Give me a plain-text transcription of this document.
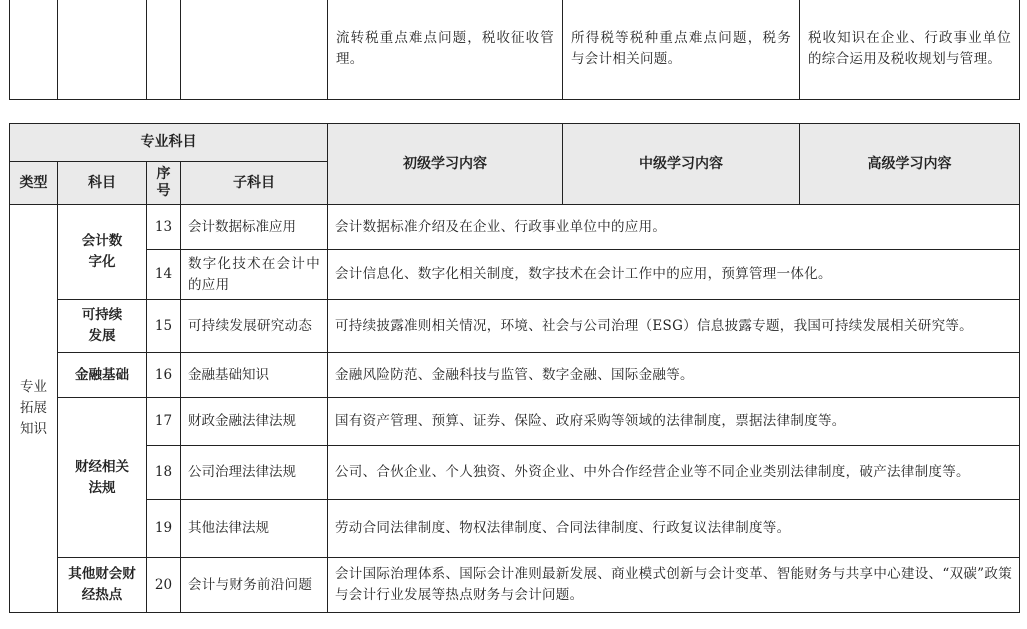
				流转税重点难点问题，税收征收管理。	所得税等税种重点难点问题，税务与会计相关问题。	税收知识在企业、行政事业单位的综合运用及税收规划与管理。
专业科目				初级学习内容	中级学习内容	高级学习内容
类型	科目	序号	子科目			
专业拓展知识	会计数字化	13	会计数据标准应用	会计数据标准介绍及在企业、行政事业单位中的应用。		
		14	数字化技术在会计中的应用	会计信息化、数字化相关制度，数字技术在会计工作中的应用，预算管理一体化。		
	可持续发展	15	可持续发展研究动态	可持续披露准则相关情况，环境、社会与公司治理（ESG）信息披露专题，我国可持续发展相关研究等。		
	金融基础	16	金融基础知识	金融风险防范、金融科技与监管、数字金融、国际金融等。		
	财经相关法规	17	财政金融法律法规	国有资产管理、预算、证券、保险、政府采购等领域的法律制度，票据法律制度等。		
		18	公司治理法律法规	公司、合伙企业、个人独资、外资企业、中外合作经营企业等不同企业类别法律制度，破产法律制度等。		
		19	其他法律法规	劳动合同法律制度、物权法律制度、合同法律制度、行政复议法律制度等。		
	其他财会财经热点	20	会计与财务前沿问题	会计国际治理体系、国际会计准则最新发展、商业模式创新与会计变革、智能财务与共享中心建设、“双碳”政策与会计行业发展等热点财务与会计问题。		
